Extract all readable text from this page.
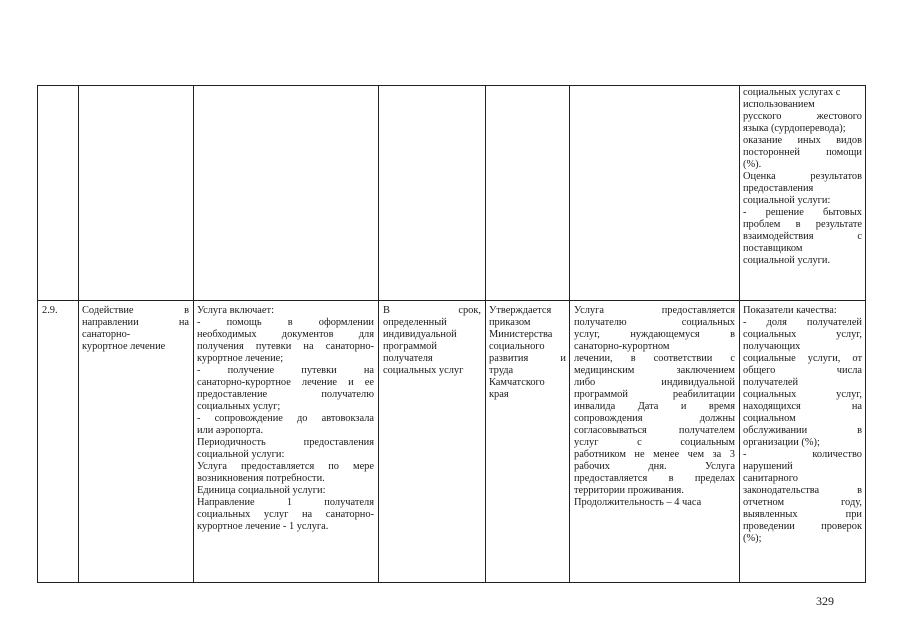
социальных услугах с
использованием
русского жестового
языка (сурдоперевода);
оказание иных видов
посторонней помощи
(%).
Оценка результатов
предоставления
социальной услуги:
- решение бытовых
проблем в результате
взаимодействия с
поставщиком
социальной услуги.
2.9.	Содействие в
направлении на
санаторно-
курортное лечение
Услуга включает:
- помощь в оформлении
необходимых документов для
получения путевки на санаторно-
курортное лечение;
- получение путевки на
санаторно-курортное лечение и ее
предоставление получателю
социальных услуг;
- сопровождение до автовокзала
или аэропорта.
Периодичность предоставления
социальной услуги:
Услуга предоставляется по мере
возникновения потребности.
Единица социальной услуги:
Направление 1 получателя
социальных услуг на санаторно-
курортное лечение - 1 услуга.
В срок,
определенный
индивидуальной
программой
получателя
социальных услуг
Утверждается
приказом
Министерства
социального
развития и
труда
Камчатского
края
Услуга предоставляется
получателю социальных
услуг, нуждающемуся в
санаторно-курортном
лечении, в соответствии с
медицинским заключением
либо индивидуальной
программой реабилитации
инвалида Дата и время
сопровождения должны
согласовываться получателем
услуг с социальным
работником не менее чем за 3
рабочих дня. Услуга
предоставляется в пределах
территории проживания.
Продолжительность – 4 часа
Показатели качества:
- доля получателей
социальных услуг,
получающих
социальные услуги, от
общего числа
получателей
социальных услуг,
находящихся на
социальном
обслуживании в
организации (%);
- количество
нарушений
санитарного
законодательства в
отчетном году,
выявленных при
проведении проверок
(%);
329
